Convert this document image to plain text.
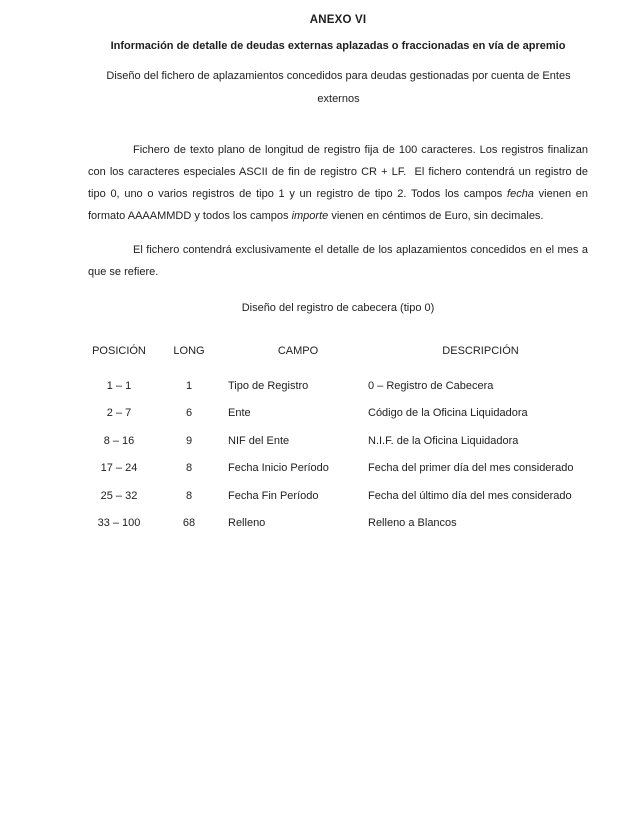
ANEXO VI
Información de detalle de deudas externas aplazadas o fraccionadas en vía de apremio
Diseño del fichero de aplazamientos concedidos para deudas gestionadas por cuenta de Entes externos

Fichero de texto plano de longitud de registro fija de 100 caracteres. Los registros finalizan con los caracteres especiales ASCII de fin de registro CR + LF.  El fichero contendrá un registro de tipo 0, uno o varios registros de tipo 1 y un registro de tipo 2. Todos los campos fecha vienen en formato AAAAMMDD y todos los campos importe vienen en céntimos de Euro, sin decimales.

El fichero contendrá exclusivamente el detalle de los aplazamientos concedidos en el mes a que se refiere.

Diseño del registro de cabecera (tipo 0)
POSICIÓN	LONG	CAMPO	DESCRIPCIÓN
1 – 1	1	Tipo de Registro	0 – Registro de Cabecera
2 – 7	6	Ente	Código de la Oficina Liquidadora
8 – 16	9	NIF del Ente	N.I.F. de la Oficina Liquidadora
17 – 24	8	Fecha Inicio Período	Fecha del primer día del mes considerado
25 – 32	8	Fecha Fin Período	Fecha del último día del mes considerado
33 – 100	68	Relleno	Relleno a Blancos
